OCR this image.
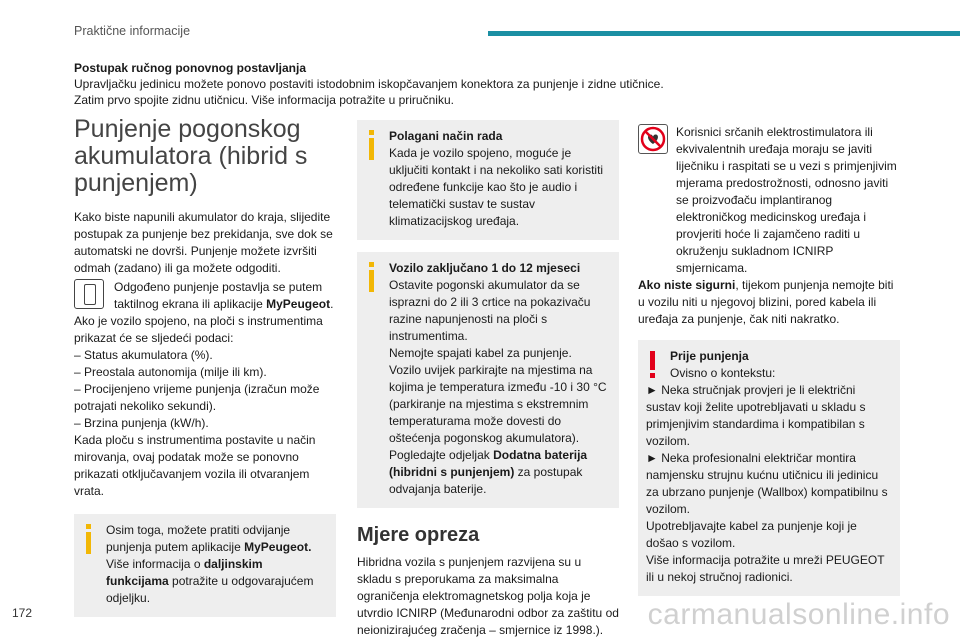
Praktične informacije

Postupak ručnog ponovnog postavljanja

Upravljačku jedinicu možete ponovo postaviti istodobnim iskopčavanjem konektora za punjenje i zidne utičnice.

Zatim prvo spojite zidnu utičnicu. Više informacija potražite u priručniku.

Punjenje pogonskog akumulatora (hibrid s punjenjem)

Kako biste napunili akumulator do kraja, slijedite postupak za punjenje bez prekidanja, sve dok se automatski ne dovrši. Punjenje možete izvršiti odmah (zadano) ili ga možete odgoditi.

Odgođeno punjenje postavlja se putem taktilnog ekrana ili aplikacije MyPeugeot.

Ako je vozilo spojeno, na ploči s instrumentima prikazat će se sljedeći podaci:

– Status akumulatora (%).

– Preostala autonomija (milje ili km).

– Procijenjeno vrijeme punjenja (izračun može potrajati nekoliko sekundi).

– Brzina punjenja (kW/h).

Kada ploču s instrumentima postavite u način mirovanja, ovaj podatak može se ponovno prikazati otključavanjem vozila ili otvaranjem vrata.

Osim toga, možete pratiti odvijanje punjenja putem aplikacije MyPeugeot. Više informacija o daljinskim funkcijama potražite u odgovarajućem odjeljku.

Polagani način rada

Kada je vozilo spojeno, moguće je uključiti kontakt i na nekoliko sati koristiti određene funkcije kao što je audio i telematički sustav te sustav klimatizacijskog uređaja.

Vozilo zaključano 1 do 12 mjeseci

Ostavite pogonski akumulator da se isprazni do 2 ili 3 crtice na pokazivaču razine napunjenosti na ploči s instrumentima.

Nemojte spajati kabel za punjenje.

Vozilo uvijek parkirajte na mjestima na kojima je temperatura između -10 i 30 °C (parkiranje na mjestima s ekstremnim temperaturama može dovesti do oštećenja pogonskog akumulatora).

Pogledajte odjeljak Dodatna baterija (hibridni s punjenjem) za postupak odvajanja baterije.

Mjere opreza

Hibridna vozila s punjenjem razvijena su u skladu s preporukama za maksimalna ograničenja elektromagnetskog polja koja je utvrdio ICNIRP (Međunarodni odbor za zaštitu od neionizirajućeg zračenja – smjernice iz 1998.).

Korisnici srčanih elektrostimulatora ili ekvivalentnih uređaja moraju se javiti liječniku i raspitati se u vezi s primjenjivim mjerama predostrožnosti, odnosno javiti se proizvođaču implantiranog elektroničkog medicinskog uređaja i provjeriti hoće li zajamčeno raditi u okruženju sukladnom ICNIRP smjernicama.

Ako niste sigurni, tijekom punjenja nemojte biti u vozilu niti u njegovoj blizini, pored kabela ili uređaja za punjenje, čak niti nakratko.

Prije punjenja

Ovisno o kontekstu:

► Neka stručnjak provjeri je li električni sustav koji želite upotrebljavati u skladu s primjenjivim standardima i kompatibilan s vozilom.

► Neka profesionalni električar montira namjensku strujnu kućnu utičnicu ili jedinicu za ubrzano punjenje (Wallbox) kompatibilnu s vozilom.

Upotrebljavajte kabel za punjenje koji je došao s vozilom.

Više informacija potražite u mreži PEUGEOT ili u nekoj stručnoj radionici.

172	carmanualsonline.info
